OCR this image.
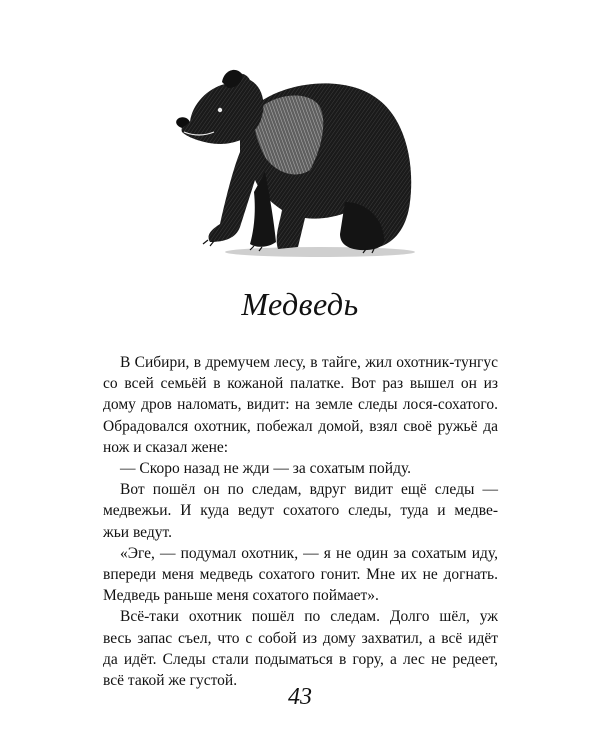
Медведь
В Сибири, в дремучем лесу, в тайге, жил охотник-тунгус
со всей семьёй в кожаной палатке. Вот раз вышел он из
дому дров наломать, видит: на земле следы лося-сохатого.
Обрадовался охотник, побежал домой, взял своё ружьё да
нож и сказал жене:
— Скоро назад не жди — за сохатым пойду.
Вот пошёл он по следам, вдруг видит ещё следы —
медвежьи. И куда ведут сохатого следы, туда и медве-
жьи ведут.
«Эге, — подумал охотник, — я не один за сохатым иду,
впереди меня медведь сохатого гонит. Мне их не догнать.
Медведь раньше меня сохатого поймает».
Всё-таки охотник пошёл по следам. Долго шёл, уж
весь запас съел, что с собой из дому захватил, а всё идёт
да идёт. Следы стали подыматься в гору, а лес не редеет,
всё такой же густой.
43
